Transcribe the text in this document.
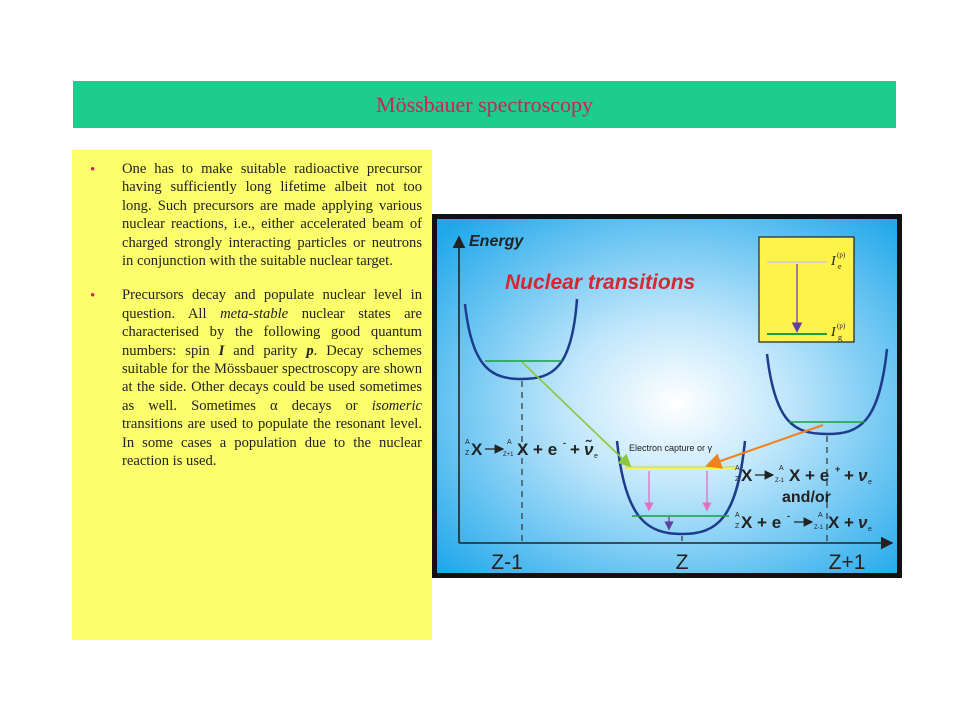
Mössbauer spectroscopy
•	One has to make suitable radioactive precursor having sufficiently long lifetime albeit not too long. Such precursors are made applying various nuclear reactions, i.e., either accelerated beam of charged strongly interacting particles or neutrons in conjunction with the suitable nuclear target.

•	Precursors decay and populate nuclear level in question. All meta-stable nuclear states are characterised by the following good quantum numbers: spin I and parity p. Decay schemes suitable for the Mössbauer spectroscopy are shown at the side. Other decays could be used sometimes as well. Sometimes α decays or isomeric transitions are used to populate the resonant level. In some cases a population due to the nuclear reaction is used.

Energy
Nuclear transitions
I (p)
e
I (p)
g
Electron capture or γ
A
Z X	A
Z+1 X + e - + ν̃ e
A
Z X	A
Z-1 X + e + + ν e
and/or
A
Z X + e -	A
Z-1 X + ν e
Z-1	Z	Z+1
